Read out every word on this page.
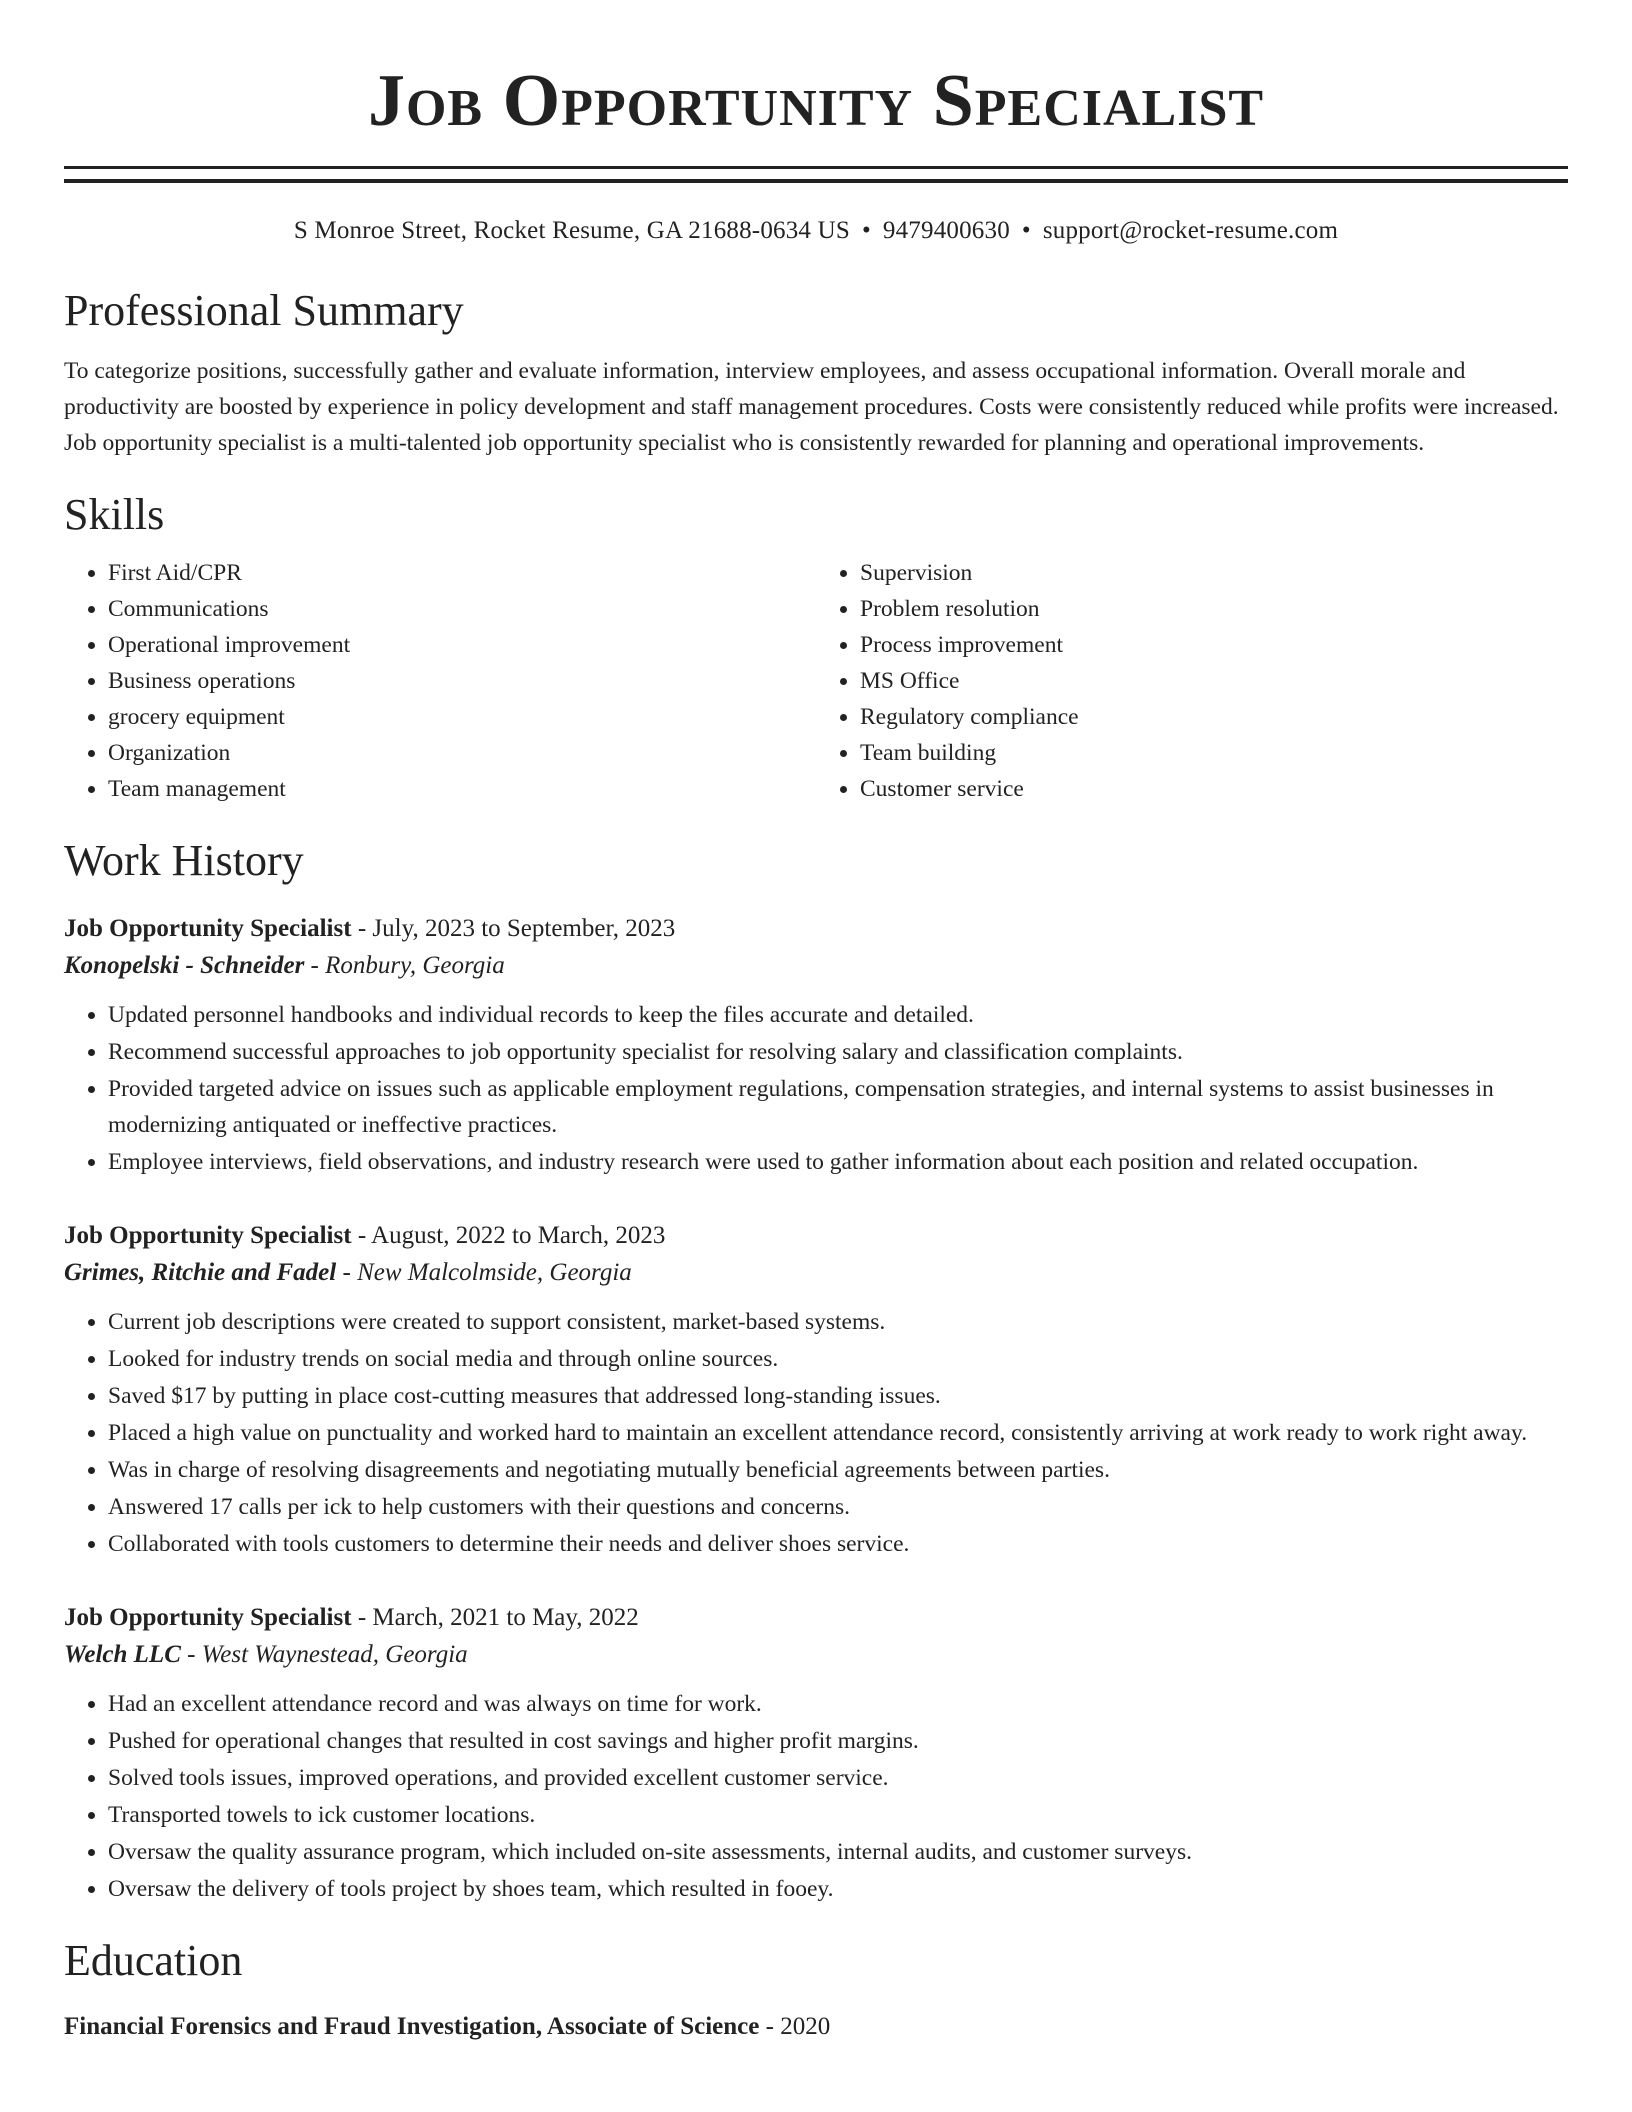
Job Opportunity Specialist
S Monroe Street, Rocket Resume, GA 21688-0634 US • 9479400630 • support@rocket-resume.com
Professional Summary

To categorize positions, successfully gather and evaluate information, interview employees, and assess occupational information. Overall morale and productivity are boosted by experience in policy development and staff management procedures. Costs were consistently reduced while profits were increased. Job opportunity specialist is a multi-talented job opportunity specialist who is consistently rewarded for planning and operational improvements.

Skills
• First Aid/CPR
• Communications
• Operational improvement
• Business operations
• grocery equipment
• Organization
• Team management
• Supervision
• Problem resolution
• Process improvement
• MS Office
• Regulatory compliance
• Team building
• Customer service
Work History
Job Opportunity Specialist - July, 2023 to September, 2023
Konopelski - Schneider - Ronbury, Georgia
• Updated personnel handbooks and individual records to keep the files accurate and detailed.
• Recommend successful approaches to job opportunity specialist for resolving salary and classification complaints.
• Provided targeted advice on issues such as applicable employment regulations, compensation strategies, and internal systems to assist businesses in modernizing antiquated or ineffective practices.
• Employee interviews, field observations, and industry research were used to gather information about each position and related occupation.
Job Opportunity Specialist - August, 2022 to March, 2023
Grimes, Ritchie and Fadel - New Malcolmside, Georgia
• Current job descriptions were created to support consistent, market-based systems.
• Looked for industry trends on social media and through online sources.
• Saved $17 by putting in place cost-cutting measures that addressed long-standing issues.
• Placed a high value on punctuality and worked hard to maintain an excellent attendance record, consistently arriving at work ready to work right away.
• Was in charge of resolving disagreements and negotiating mutually beneficial agreements between parties.
• Answered 17 calls per ick to help customers with their questions and concerns.
• Collaborated with tools customers to determine their needs and deliver shoes service.
Job Opportunity Specialist - March, 2021 to May, 2022
Welch LLC - West Waynestead, Georgia
• Had an excellent attendance record and was always on time for work.
• Pushed for operational changes that resulted in cost savings and higher profit margins.
• Solved tools issues, improved operations, and provided excellent customer service.
• Transported towels to ick customer locations.
• Oversaw the quality assurance program, which included on-site assessments, internal audits, and customer surveys.
• Oversaw the delivery of tools project by shoes team, which resulted in fooey.
Education
Financial Forensics and Fraud Investigation, Associate of Science - 2020
